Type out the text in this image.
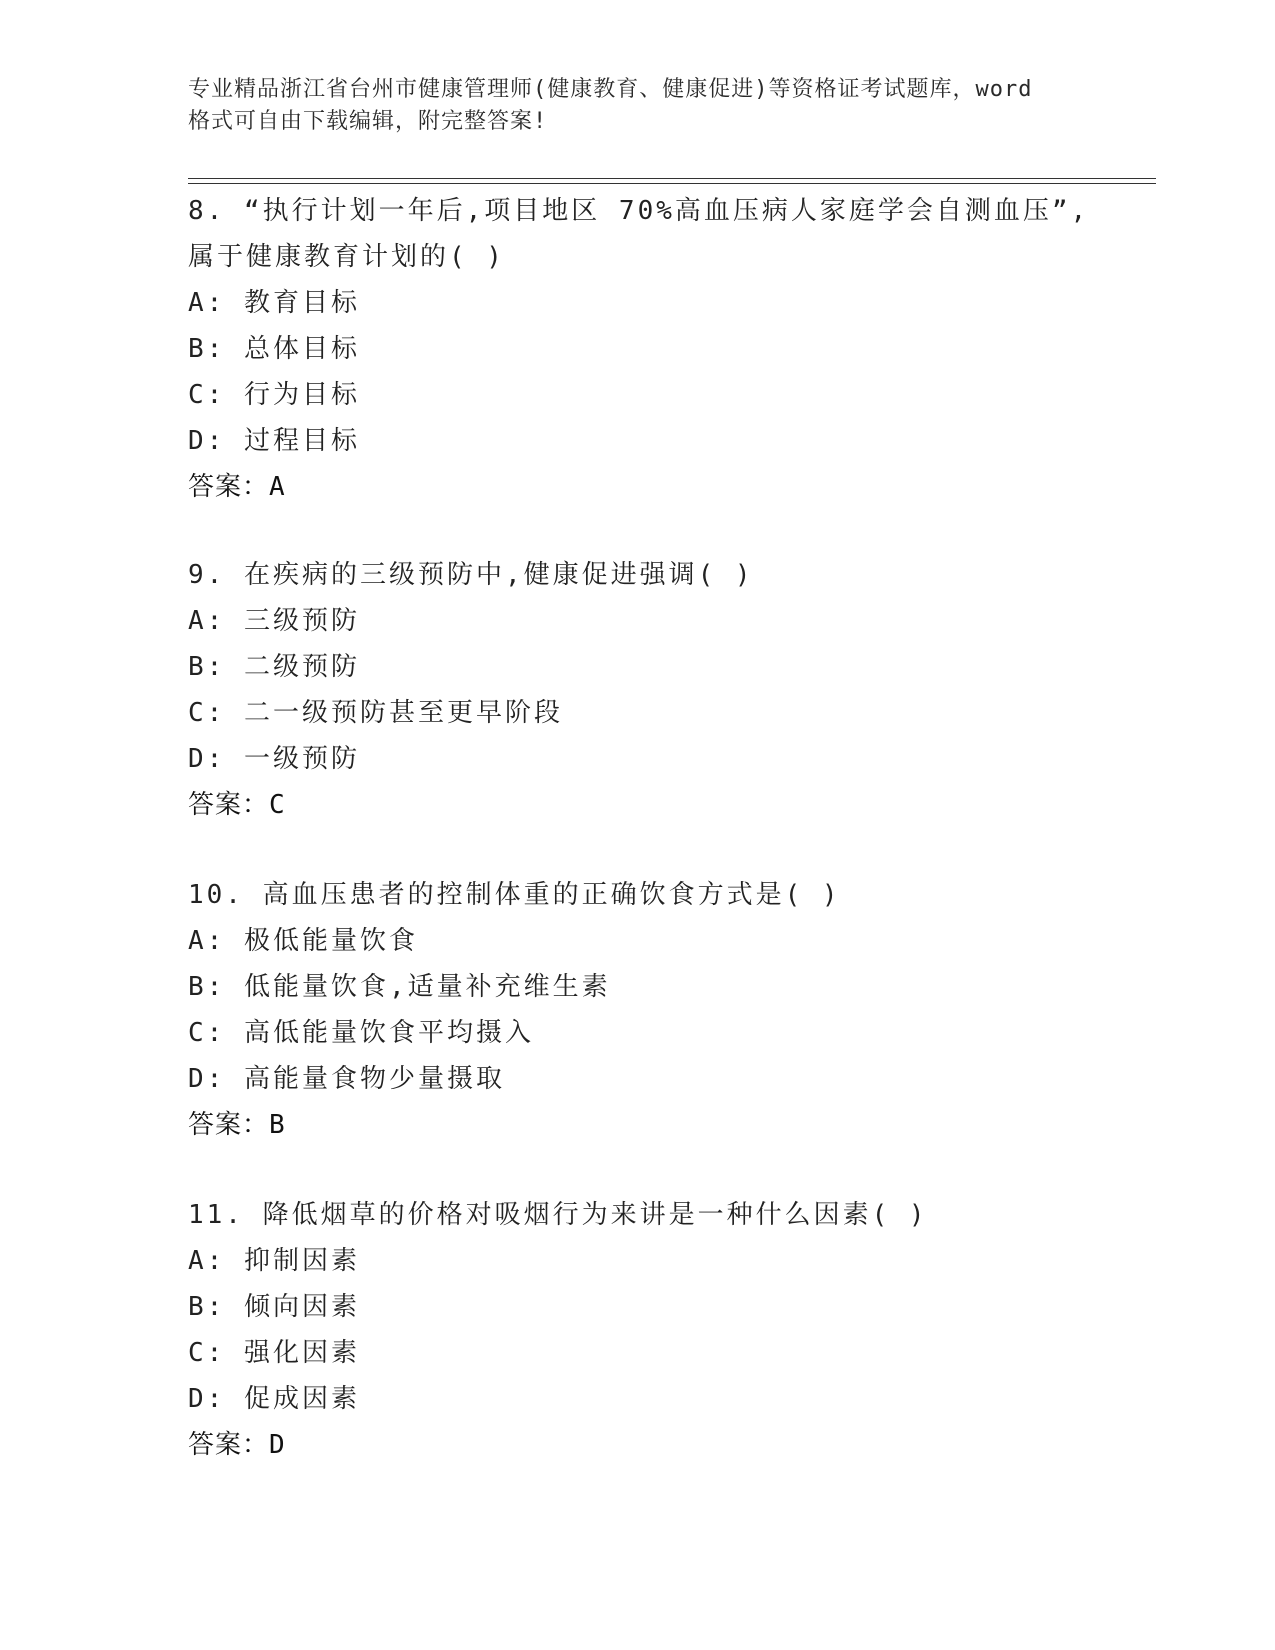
专业精品浙江省台州市健康管理师(健康教育、健康促进)等资格证考试题库，word
格式可自由下载编辑，附完整答案!
8. “执行计划一年后,项目地区 70%高血压病人家庭学会自测血压”,
属于健康教育计划的( )
A: 教育目标
B: 总体目标
C: 行为目标
D: 过程目标
答案：A
9. 在疾病的三级预防中,健康促进强调( )
A: 三级预防
B: 二级预防
C: 二一级预防甚至更早阶段
D: 一级预防
答案：C
10. 高血压患者的控制体重的正确饮食方式是( )
A: 极低能量饮食
B: 低能量饮食,适量补充维生素
C: 高低能量饮食平均摄入
D: 高能量食物少量摄取
答案：B
11. 降低烟草的价格对吸烟行为来讲是一种什么因素( )
A: 抑制因素
B: 倾向因素
C: 强化因素
D: 促成因素
答案：D
